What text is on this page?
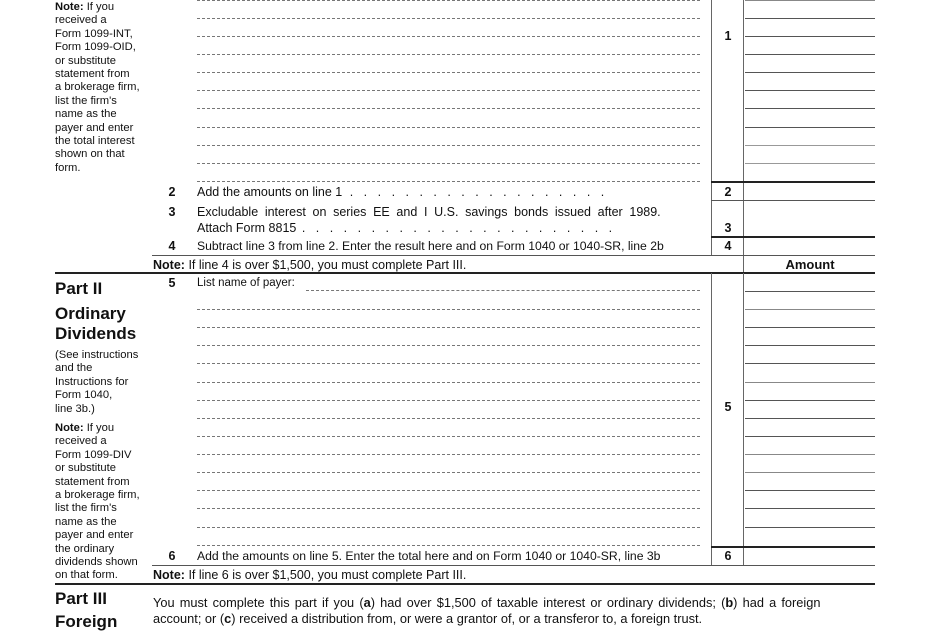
Note: If you
received a
Form 1099-INT,
Form 1099-OID,
or substitute
statement from
a brokerage firm,
list the firm's
name as the
payer and enter
the total interest
shown on that
form.
1
2	Add the amounts on line 1 . . . . . . . . . . . . . . . . . . .	2
3	Excludable interest on series EE and I U.S. savings bonds issued after 1989.
Attach Form 8815 . . . . . . . . . . . . . . . . . . . . . . .	3
4	Subtract line 3 from line 2. Enter the result here and on Form 1040 or 1040-SR, line 2b	4
Note: If line 4 is over $1,500, you must complete Part III.	Amount
Part II
Ordinary
Dividends
(See instructions
and the
Instructions for
Form 1040,
line 3b.)
Note: If you
received a
Form 1099-DIV
or substitute
statement from
a brokerage firm,
list the firm's
name as the
payer and enter
the ordinary
dividends shown
on that form.
5	List name of payer:
5
6	Add the amounts on line 5. Enter the total here and on Form 1040 or 1040-SR, line 3b	6
Note: If line 6 is over $1,500, you must complete Part III.
Part III
Foreign
You must complete this part if you (a) had over $1,500 of taxable interest or ordinary dividends; (b) had a foreign
account; or (c) received a distribution from, or were a grantor of, or a transferor to, a foreign trust.
